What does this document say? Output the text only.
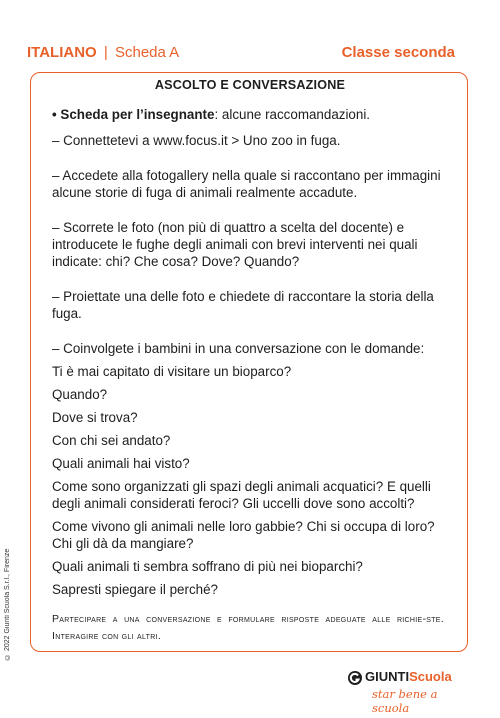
ITALIANO | Scheda A	Classe seconda
ASCOLTO E CONVERSAZIONE

• Scheda per l’insegnante: alcune raccomandazioni.

– Connettetevi a www.focus.it > Uno zoo in fuga.

– Accedete alla fotogallery nella quale si raccontano per immagini alcune storie di fuga di animali realmente accadute.

– Scorrete le foto (non più di quattro a scelta del docente) e introducete le fughe degli animali con brevi interventi nei quali indicate: chi? Che cosa? Dove? Quando?

– Proiettate una delle foto e chiedete di raccontare la storia della fuga.

– Coinvolgete i bambini in una conversazione con le domande:

Ti è mai capitato di visitare un bioparco?

Quando?

Dove si trova?

Con chi sei andato?

Quali animali hai visto?

Come sono organizzati gli spazi degli animali acquatici? E quelli degli animali considerati feroci? Gli uccelli dove sono accolti?

Come vivono gli animali nelle loro gabbie? Chi si occupa di loro? Chi gli dà da mangiare?

Quali animali ti sembra soffrano di più nei bioparchi?

Sapresti spiegare il perché?

Partecipare a una conversazione e formulare risposte adeguate alle richie-ste. Interagire con gli altri.
© 2022 Giunti Scuola S.r.l., Firenze
GIUNTIScuola
star bene a scuola
